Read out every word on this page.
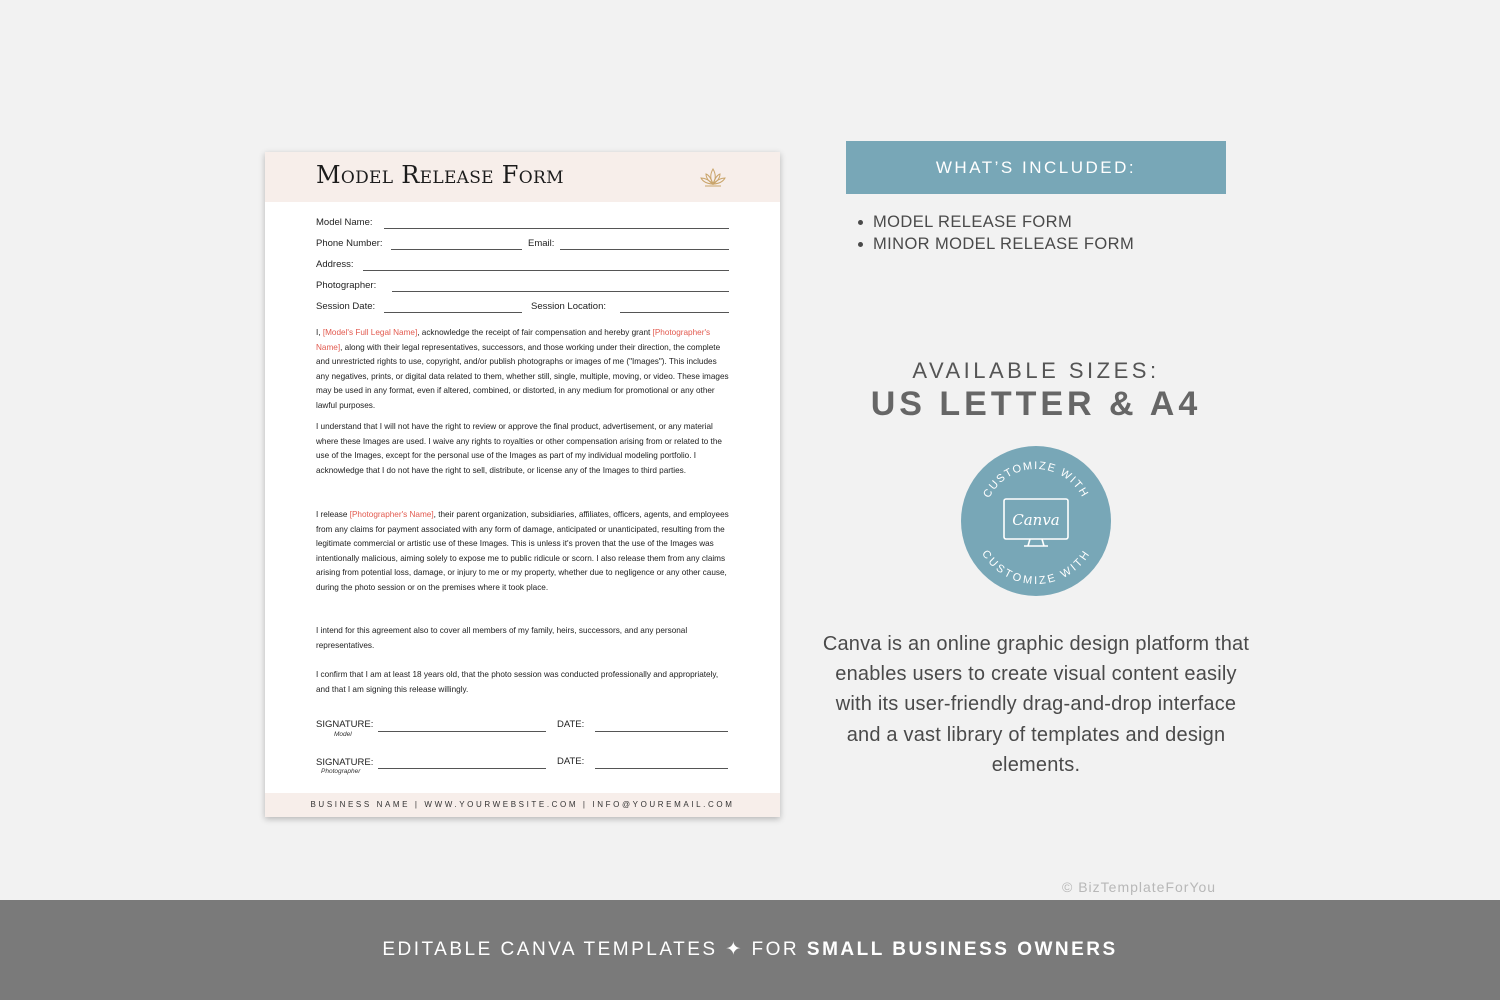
Model Release Form
Model Name:
Phone Number:	Email:
Address:
Photographer:
Session Date:	Session Location:
I, [Model's Full Legal Name], acknowledge the receipt of fair compensation and hereby grant [Photographer's Name], along with their legal representatives, successors, and those working under their direction, the complete and unrestricted rights to use, copyright, and/or publish photographs or images of me ("Images"). This includes any negatives, prints, or digital data related to them, whether still, single, multiple, moving, or video. These images may be used in any format, even if altered, combined, or distorted, in any medium for promotional or any other lawful purposes.
I understand that I will not have the right to review or approve the final product, advertisement, or any material where these Images are used. I waive any rights to royalties or other compensation arising from or related to the use of the Images, except for the personal use of the Images as part of my individual modeling portfolio. I acknowledge that I do not have the right to sell, distribute, or license any of the Images to third parties.
I release [Photographer's Name], their parent organization, subsidiaries, affiliates, officers, agents, and employees from any claims for payment associated with any form of damage, anticipated or unanticipated, resulting from the legitimate commercial or artistic use of these Images. This is unless it's proven that the use of the Images was intentionally malicious, aiming solely to expose me to public ridicule or scorn. I also release them from any claims arising from potential loss, damage, or injury to me or my property, whether due to negligence or any other cause, during the photo session or on the premises where it took place.
I intend for this agreement also to cover all members of my family, heirs, successors, and any personal representatives.
I confirm that I am at least 18 years old, that the photo session was conducted professionally and appropriately, and that I am signing this release willingly.
SIGNATURE:
Model
DATE:
SIGNATURE:
Photographer
DATE:
BUSINESS NAME | WWW.YOURWEBSITE.COM | INFO@YOUREMAIL.COM
WHAT’S INCLUDED:
MODEL RELEASE FORM
MINOR MODEL RELEASE FORM
AVAILABLE SIZES:
US LETTER & A4
CUSTOMIZE WITH
CUSTOMIZE WITH
Canva
Canva is an online graphic design platform that enables users to create visual content easily with its user-friendly drag-and-drop interface and a vast library of templates and design elements.
© BizTemplateForYou
EDITABLE CANVA TEMPLATES ✦ FOR SMALL BUSINESS OWNERS
